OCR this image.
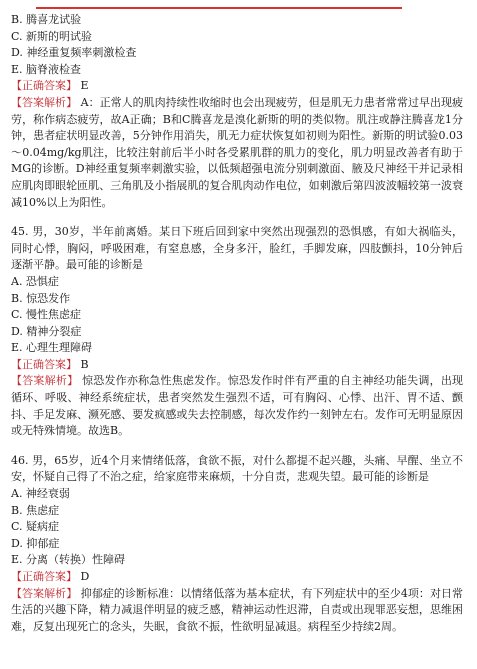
B. 腾喜龙试验
C. 新斯的明试验
D. 神经重复频率刺激检查
E. 脑脊液检查
【正确答案】 E
【答案解析】 A：正常人的肌肉持续性收缩时也会出现疲劳，但是肌无力患者常常过早出现疲劳，称作病态疲劳，故A正确；B和C腾喜龙是溴化新斯的明的类似物。肌注或静注腾喜龙1分钟，患者症状明显改善，5分钟作用消失，肌无力症状恢复如初则为阳性。新斯的明试验0.03～0.04mg/kg肌注，比较注射前后半小时各受累肌群的肌力的变化，肌力明显改善者有助于MG的诊断。D神经重复频率刺激实验，以低频超强电流分别刺激面、腋及尺神经干并记录相应肌肉即眼轮匝肌、三角肌及小指展肌的复合肌肉动作电位，如刺激后第四波波幅较第一波衰减10%以上为阳性。
45. 男，30岁，半年前离婚。某日下班后回到家中突然出现强烈的恐惧感，有如大祸临头，同时心悸，胸闷，呼吸困难，有窒息感，全身多汗，脸红，手脚发麻，四肢颤抖，10分钟后逐渐平静。最可能的诊断是
A. 恐惧症
B. 惊恐发作
C. 慢性焦虑症
D. 精神分裂症
E. 心理生理障碍
【正确答案】 B
【答案解析】 惊恐发作亦称急性焦虑发作。惊恐发作时伴有严重的自主神经功能失调，出现循环、呼吸、神经系统症状，患者突然发生强烈不适，可有胸闷、心悸、出汗、胃不适、颤抖、手足发麻、濒死感、要发疯感或失去控制感，每次发作约一刻钟左右。发作可无明显原因或无特殊情境。故选B。
46. 男，65岁，近4个月来情绪低落，食欲不振，对什么都提不起兴趣，头痛、早醒、坐立不安，怀疑自己得了不治之症，给家庭带来麻烦，十分自责，悲观失望。最可能的诊断是
A. 神经衰弱
B. 焦虑症
C. 疑病症
D. 抑郁症
E. 分离（转换）性障碍
【正确答案】 D
【答案解析】 抑郁症的诊断标准：以情绪低落为基本症状，有下列症状中的至少4项：对日常生活的兴趣下降，精力减退伴明显的疲乏感，精神运动性迟滞，自责或出现罪恶妄想，思维困难，反复出现死亡的念头，失眠，食欲不振，性欲明显减退。病程至少持续2周。
